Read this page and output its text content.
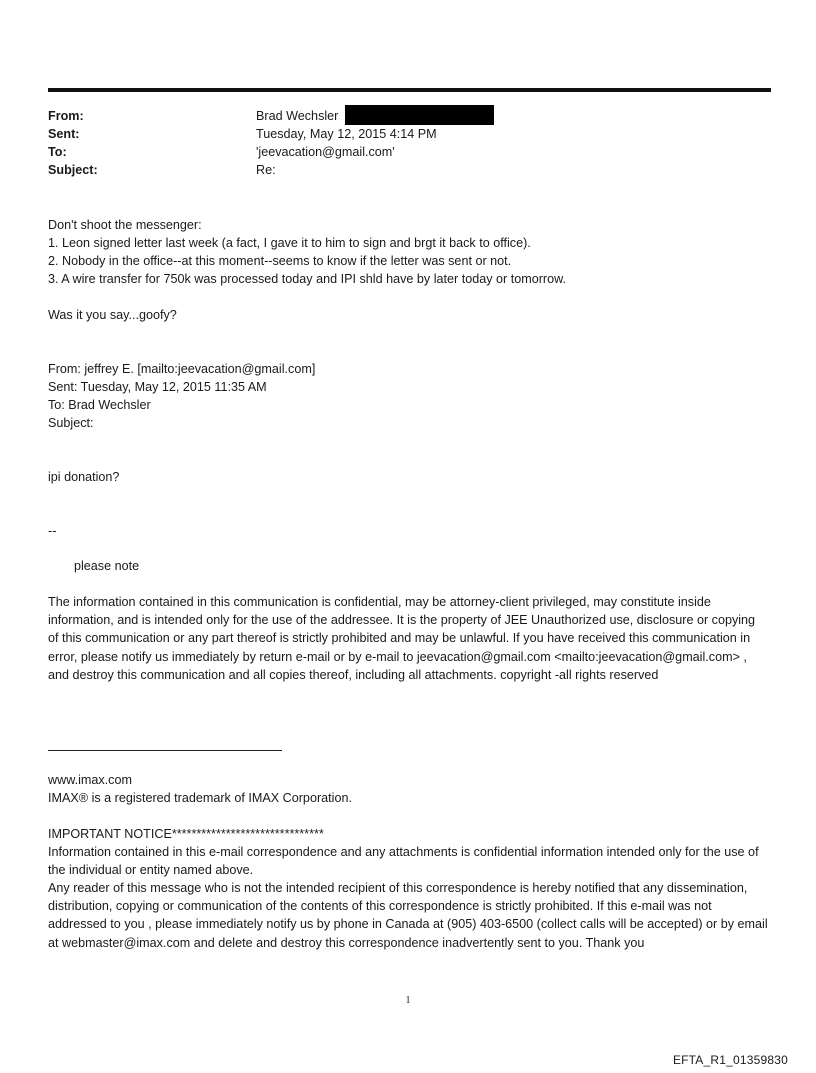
From:	Brad Wechsler
Sent:	Tuesday, May 12, 2015 4:14 PM
To:	'jeevacation@gmail.com'
Subject:	Re:
Don't shoot the messenger:
1. Leon signed letter last week (a fact, I gave it to him to sign and brgt it back to office).
2. Nobody in the office--at this moment--seems to know if the letter was sent or not.
3. A wire transfer for 750k was processed today and IPI shld have by later today or tomorrow.
Was it you say...goofy?
From: jeffrey E. [mailto:jeevacation@gmail.com]
Sent: Tuesday, May 12, 2015 11:35 AM
To: Brad Wechsler
Subject:
ipi donation?
--
please note
The information contained in this communication is confidential, may be attorney-client privileged, may constitute inside information, and is intended only for the use of the addressee. It is the property of JEE Unauthorized use, disclosure or copying of this communication or any part thereof is strictly prohibited and may be unlawful. If you have received this communication in error, please notify us immediately by return e-mail or by e-mail to jeevacation@gmail.com <mailto:jeevacation@gmail.com> , and destroy this communication and all copies thereof, including all attachments. copyright -all rights reserved
www.imax.com
IMAX® is a registered trademark of IMAX Corporation.
IMPORTANT NOTICE*******************************
Information contained in this e-mail correspondence and any attachments is confidential information intended only for the use of the individual or entity named above.
Any reader of this message who is not the intended recipient of this correspondence is hereby notified that any dissemination, distribution, copying or communication of the contents of this correspondence is strictly prohibited. If this e-mail was not addressed to you , please immediately notify us by phone in Canada at (905) 403-6500 (collect calls will be accepted) or by email at webmaster@imax.com and delete and destroy this correspondence inadvertently sent to you. Thank you
1
EFTA_R1_01359830
